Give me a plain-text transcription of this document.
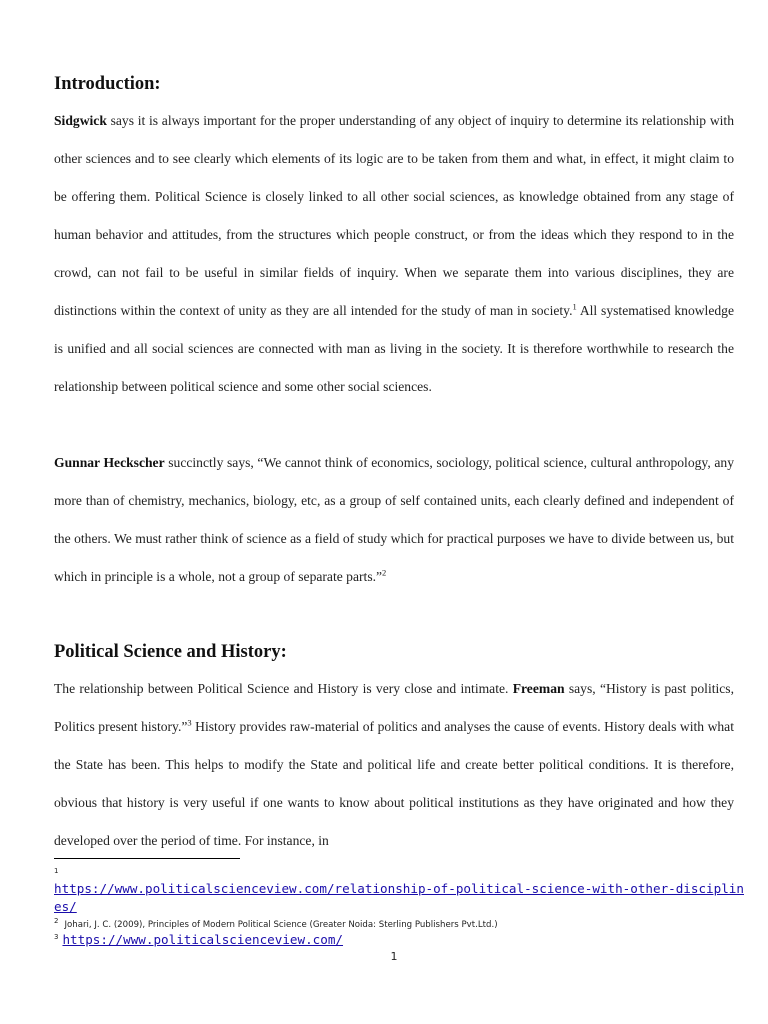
Introduction:

Sidgwick says it is always important for the proper understanding of any object of inquiry to determine its relationship with other sciences and to see clearly which elements of its logic are to be taken from them and what, in effect, it might claim to be offering them. Political Science is closely linked to all other social sciences, as knowledge obtained from any stage of human behavior and attitudes, from the structures which people construct, or from the ideas which they respond to in the crowd, can not fail to be useful in similar fields of inquiry. When we separate them into various disciplines, they are distinctions within the context of unity as they are all intended for the study of man in society.$^1$ All systematised knowledge is unified and all social sciences are connected with man as living in the society. It is therefore worthwhile to research the relationship between political science and some other social sciences.

Gunnar Heckscher succinctly says, “We cannot think of economics, sociology, political science, cultural anthropology, any more than of chemistry, mechanics, biology, etc, as a group of self contained units, each clearly defined and independent of the others. We must rather think of science as a field of study which for practical purposes we have to divide between us, but which in principle is a whole, not a group of separate parts.”$^2$

Political Science and History:

The relationship between Political Science and History is very close and intimate. Freeman says, “History is past politics, Politics present history.”$^3$ History provides raw-material of politics and analyses the cause of events. History deals with what the State has been. This helps to modify the State and political life and create better political conditions. It is therefore, obvious that history is very useful if one wants to know about political institutions as they have originated and how they developed over the period of time. For instance, in

1
https://www.politicalscienceview.com/relationship-of-political-science-with-other-disciplines/
$^2$ Johari, J. C. (2009), Principles of Modern Political Science (Greater Noida: Sterling Publishers Pvt.Ltd.)
$^3$ https://www.politicalscienceview.com/
1
